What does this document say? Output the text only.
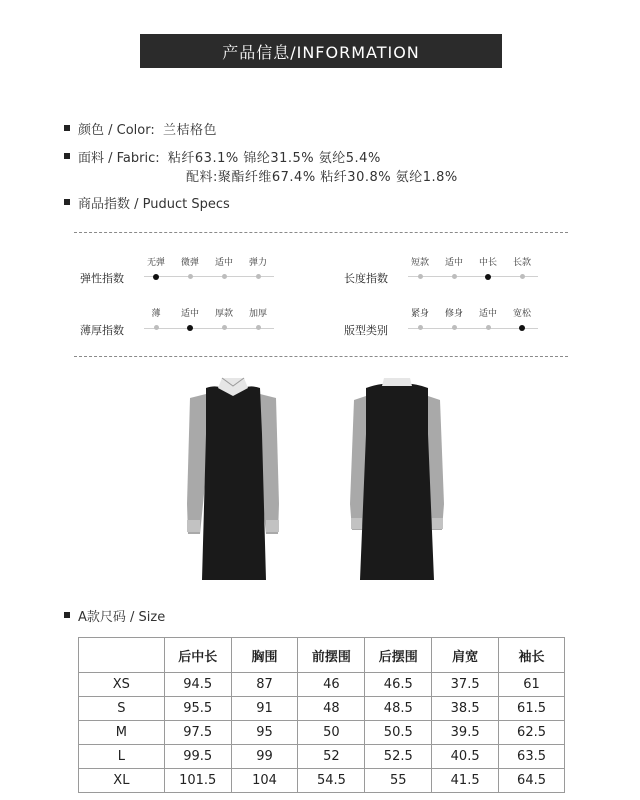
产品信息/INFORMATION
颜色 / Color: 兰桔格色
面料 / Fabric: 粘纤63.1% 锦纶31.5% 氨纶5.4%
配料:聚酯纤维67.4% 粘纤30.8% 氨纶1.8%
商品指数 / Puduct Specs
弹性指数
无弹	微弹	适中	弹力
长度指数
短款	适中	中长	长款
薄厚指数
薄	适中	厚款	加厚
版型类别
紧身	修身	适中	宽松
A款尺码 / Size
	后中长	胸围	前摆围	后摆围	肩宽	袖长
XS	94.5	87	46	46.5	37.5	61
S	95.5	91	48	48.5	38.5	61.5
M	97.5	95	50	50.5	39.5	62.5
L	99.5	99	52	52.5	40.5	63.5
XL	101.5	104	54.5	55	41.5	64.5
